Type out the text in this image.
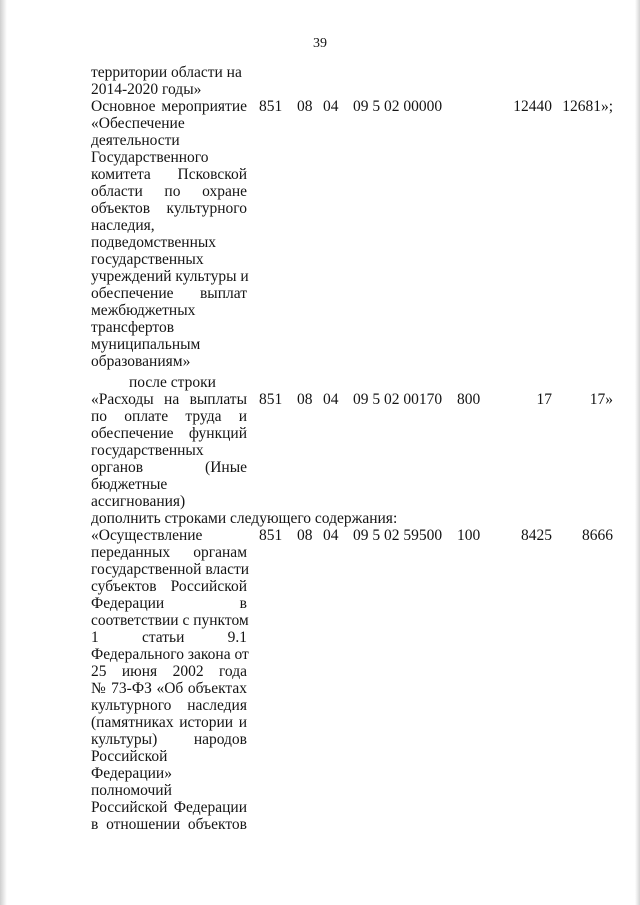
39
территории области на
2014-2020 годы»
Основное мероприятие
«Обеспечение
деятельности
Государственного
комитета Псковской
области по охране
объектов культурного
наследия,
подведомственных
государственных
учреждений культуры и
обеспечение выплат
межбюджетных
трансфертов
муниципальным
образованиям»
851 08 04 09 5 02 00000	12440 12681»;
после строки
«Расходы на выплаты
по оплате труда и
обеспечение функций
государственных
органов (Иные
бюджетные
ассигнования)
851 08 04 09 5 02 00170 800	17 17»
дополнить строками следующего содержания:
«Осуществление
переданных органам
государственной власти
субъектов Российской
Федерации в
соответствии с пунктом
1 статьи 9.1
Федерального закона от
25 июня 2002 года
№ 73-ФЗ «Об объектах
культурного наследия
(памятниках истории и
культуры) народов
Российской
Федерации»
полномочий
Российской Федерации
в отношении объектов
851 08 04 09 5 02 59500 100	8425 8666
